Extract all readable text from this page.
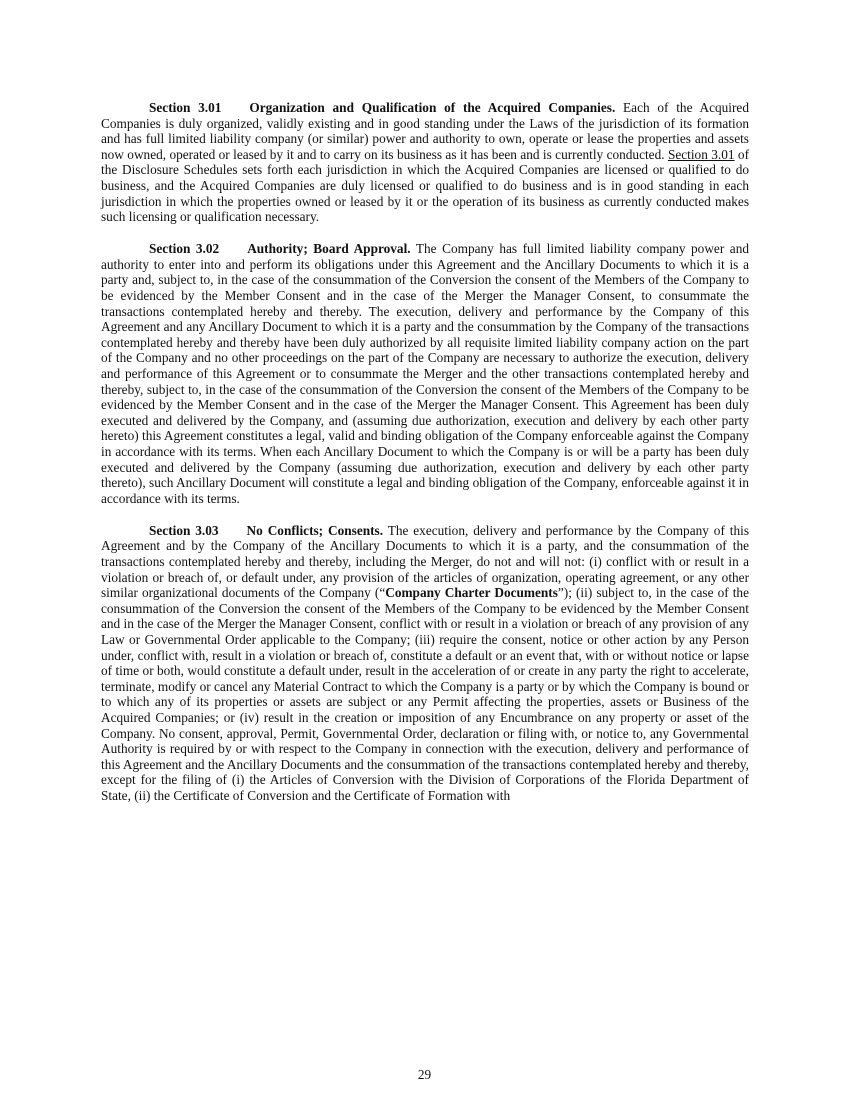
Section 3.01 Organization and Qualification of the Acquired Companies. Each of the Acquired Companies is duly organized, validly existing and in good standing under the Laws of the jurisdiction of its formation and has full limited liability company (or similar) power and authority to own, operate or lease the properties and assets now owned, operated or leased by it and to carry on its business as it has been and is currently conducted. Section 3.01 of the Disclosure Schedules sets forth each jurisdiction in which the Acquired Companies are licensed or qualified to do business, and the Acquired Companies are duly licensed or qualified to do business and is in good standing in each jurisdiction in which the properties owned or leased by it or the operation of its business as currently conducted makes such licensing or qualification necessary.

Section 3.02 Authority; Board Approval. The Company has full limited liability company power and authority to enter into and perform its obligations under this Agreement and the Ancillary Documents to which it is a party and, subject to, in the case of the consummation of the Conversion the consent of the Members of the Company to be evidenced by the Member Consent and in the case of the Merger the Manager Consent, to consummate the transactions contemplated hereby and thereby. The execution, delivery and performance by the Company of this Agreement and any Ancillary Document to which it is a party and the consummation by the Company of the transactions contemplated hereby and thereby have been duly authorized by all requisite limited liability company action on the part of the Company and no other proceedings on the part of the Company are necessary to authorize the execution, delivery and performance of this Agreement or to consummate the Merger and the other transactions contemplated hereby and thereby, subject to, in the case of the consummation of the Conversion the consent of the Members of the Company to be evidenced by the Member Consent and in the case of the Merger the Manager Consent. This Agreement has been duly executed and delivered by the Company, and (assuming due authorization, execution and delivery by each other party hereto) this Agreement constitutes a legal, valid and binding obligation of the Company enforceable against the Company in accordance with its terms. When each Ancillary Document to which the Company is or will be a party has been duly executed and delivered by the Company (assuming due authorization, execution and delivery by each other party thereto), such Ancillary Document will constitute a legal and binding obligation of the Company, enforceable against it in accordance with its terms.

Section 3.03 No Conflicts; Consents. The execution, delivery and performance by the Company of this Agreement and by the Company of the Ancillary Documents to which it is a party, and the consummation of the transactions contemplated hereby and thereby, including the Merger, do not and will not: (i) conflict with or result in a violation or breach of, or default under, any provision of the articles of organization, operating agreement, or any other similar organizational documents of the Company (“Company Charter Documents”); (ii) subject to, in the case of the consummation of the Conversion the consent of the Members of the Company to be evidenced by the Member Consent and in the case of the Merger the Manager Consent, conflict with or result in a violation or breach of any provision of any Law or Governmental Order applicable to the Company; (iii) require the consent, notice or other action by any Person under, conflict with, result in a violation or breach of, constitute a default or an event that, with or without notice or lapse of time or both, would constitute a default under, result in the acceleration of or create in any party the right to accelerate, terminate, modify or cancel any Material Contract to which the Company is a party or by which the Company is bound or to which any of its properties or assets are subject or any Permit affecting the properties, assets or Business of the Acquired Companies; or (iv) result in the creation or imposition of any Encumbrance on any property or asset of the Company. No consent, approval, Permit, Governmental Order, declaration or filing with, or notice to, any Governmental Authority is required by or with respect to the Company in connection with the execution, delivery and performance of this Agreement and the Ancillary Documents and the consummation of the transactions contemplated hereby and thereby, except for the filing of (i) the Articles of Conversion with the Division of Corporations of the Florida Department of State, (ii) the Certificate of Conversion and the Certificate of Formation with

29
